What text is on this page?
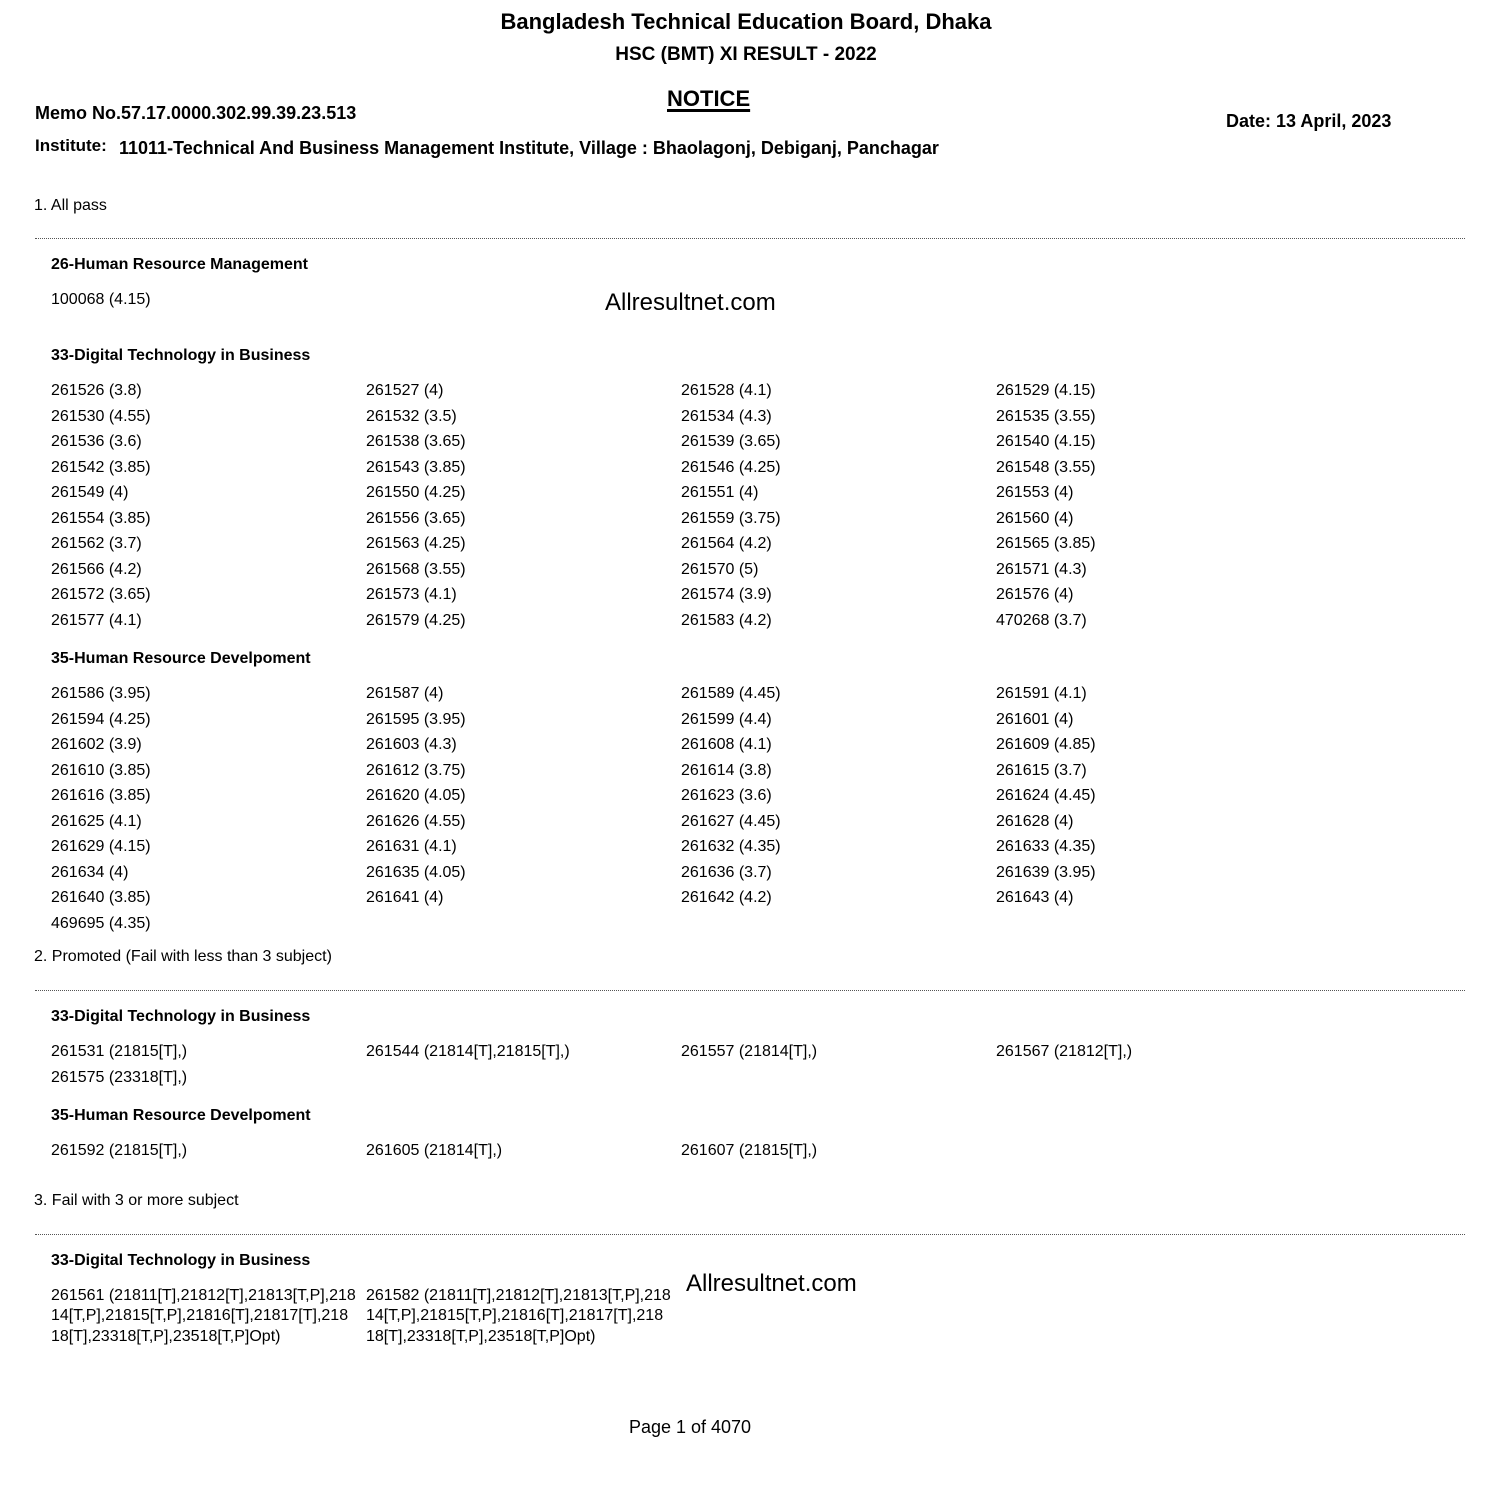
Bangladesh Technical Education Board, Dhaka
HSC (BMT) XI RESULT - 2022
NOTICE
Memo No.57.17.0000.302.99.39.23.513	Date: 13 April, 2023
Institute: 11011-Technical And Business Management Institute, Village : Bhaolagonj, Debiganj, Panchagar
1. All pass
26-Human Resource Management
100068 (4.15)	Allresultnet.com
33-Digital Technology in Business
261526 (3.8)	261527 (4)	261528 (4.1)	261529 (4.15)
261530 (4.55)	261532 (3.5)	261534 (4.3)	261535 (3.55)
261536 (3.6)	261538 (3.65)	261539 (3.65)	261540 (4.15)
261542 (3.85)	261543 (3.85)	261546 (4.25)	261548 (3.55)
261549 (4)	261550 (4.25)	261551 (4)	261553 (4)
261554 (3.85)	261556 (3.65)	261559 (3.75)	261560 (4)
261562 (3.7)	261563 (4.25)	261564 (4.2)	261565 (3.85)
261566 (4.2)	261568 (3.55)	261570 (5)	261571 (4.3)
261572 (3.65)	261573 (4.1)	261574 (3.9)	261576 (4)
261577 (4.1)	261579 (4.25)	261583 (4.2)	470268 (3.7)
35-Human Resource Develpoment
261586 (3.95)	261587 (4)	261589 (4.45)	261591 (4.1)
261594 (4.25)	261595 (3.95)	261599 (4.4)	261601 (4)
261602 (3.9)	261603 (4.3)	261608 (4.1)	261609 (4.85)
261610 (3.85)	261612 (3.75)	261614 (3.8)	261615 (3.7)
261616 (3.85)	261620 (4.05)	261623 (3.6)	261624 (4.45)
261625 (4.1)	261626 (4.55)	261627 (4.45)	261628 (4)
261629 (4.15)	261631 (4.1)	261632 (4.35)	261633 (4.35)
261634 (4)	261635 (4.05)	261636 (3.7)	261639 (3.95)
261640 (3.85)	261641 (4)	261642 (4.2)	261643 (4)
469695 (4.35)
2. Promoted (Fail with less than 3 subject)
33-Digital Technology in Business
261531 (21815[T],)	261544 (21814[T],21815[T],)	261557 (21814[T],)	261567 (21812[T],)
261575 (23318[T],)
35-Human Resource Develpoment
261592 (21815[T],)	261605 (21814[T],)	261607 (21815[T],)
3. Fail with 3 or more subject
33-Digital Technology in Business
261561 (21811[T],21812[T],21813[T,P],21814[T,P],21815[T,P],21816[T],21817[T],21818[T],23318[T,P],23518[T,P]Opt)
261582 (21811[T],21812[T],21813[T,P],21814[T,P],21815[T,P],21816[T],21817[T],21818[T],23318[T,P],23518[T,P]Opt)
Allresultnet.com
Page 1 of 4070
